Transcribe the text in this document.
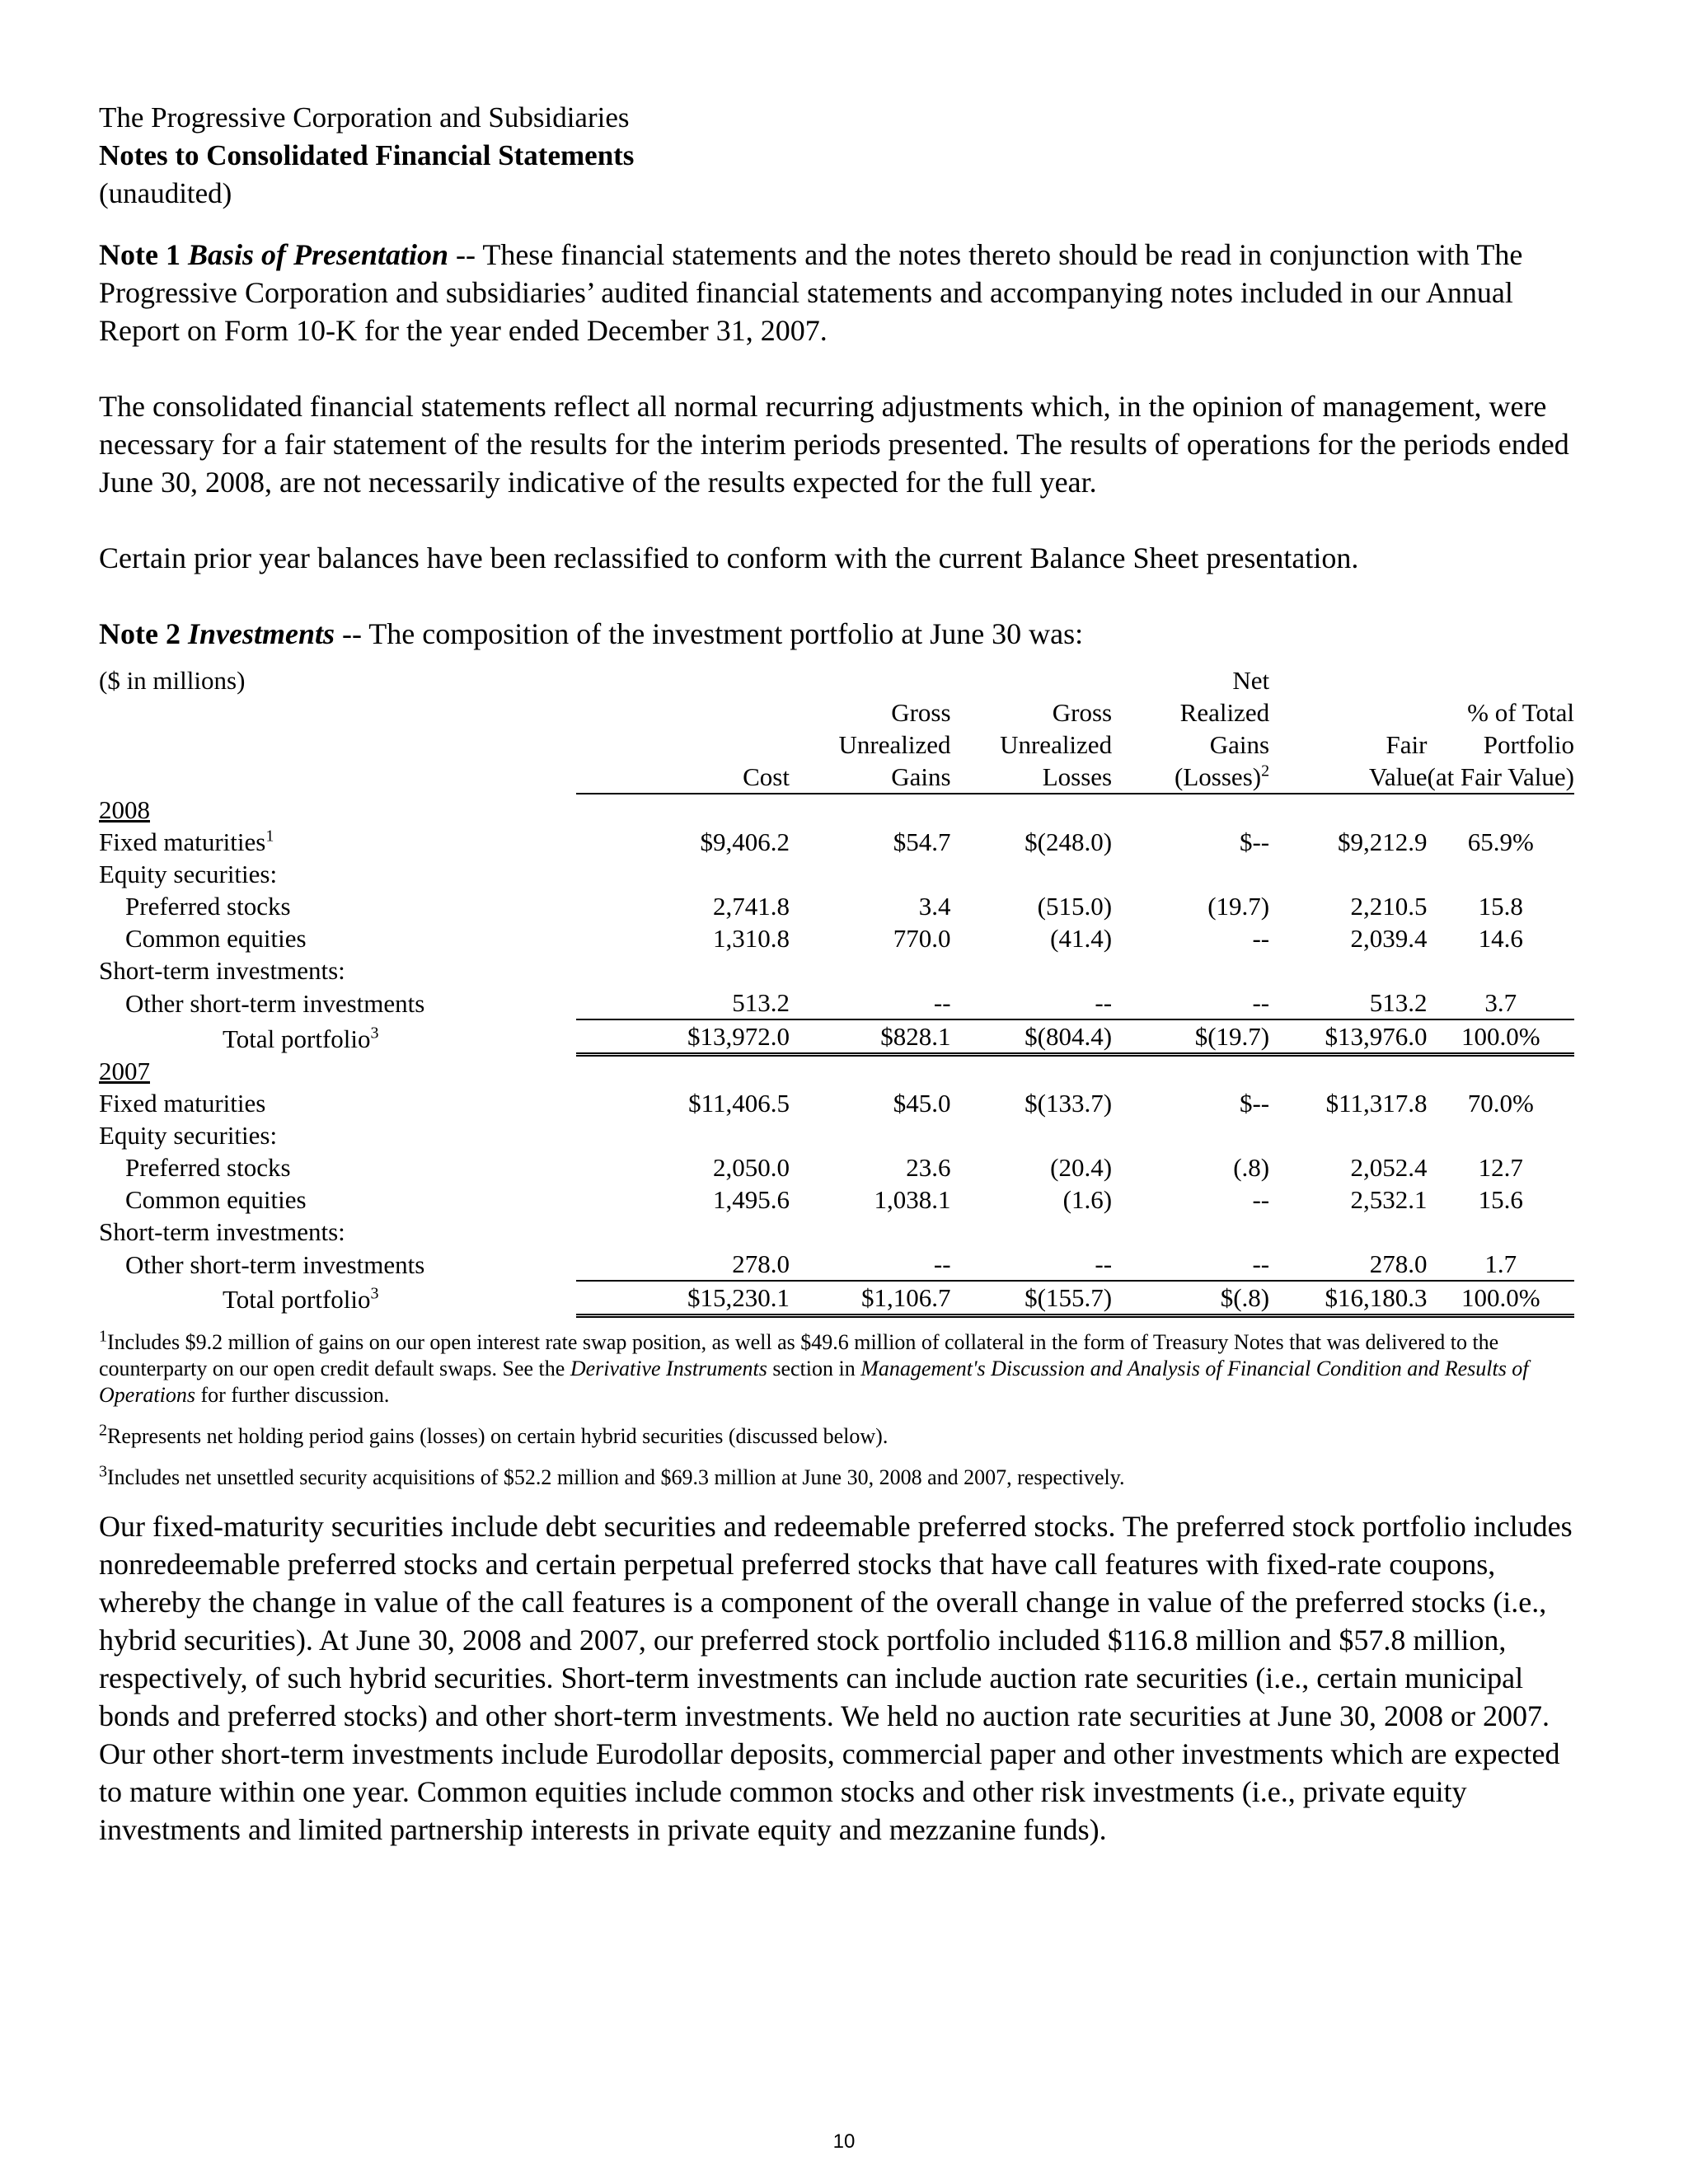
The Progressive Corporation and Subsidiaries
Notes to Consolidated Financial Statements
(unaudited)

Note 1 Basis of Presentation -- These financial statements and the notes thereto should be read in conjunction with The Progressive Corporation and subsidiaries’ audited financial statements and accompanying notes included in our Annual Report on Form 10-K for the year ended December 31, 2007.

The consolidated financial statements reflect all normal recurring adjustments which, in the opinion of management, were necessary for a fair statement of the results for the interim periods presented. The results of operations for the periods ended June 30, 2008, are not necessarily indicative of the results expected for the full year.

Certain prior year balances have been reclassified to conform with the current Balance Sheet presentation.

Note 2 Investments -- The composition of the investment portfolio at June 30 was:

($ in millions)				Net		
		Gross	Gross	Realized		% of Total
		Unrealized	Unrealized	Gains	Fair	Portfolio
	Cost	Gains	Losses	(Losses)$^2$	Value	(at Fair Value)
2008						
Fixed maturities$^1$	$9,406.2	$54.7	$(248.0)	$--	$9,212.9	65.9%
Equity securities:						
Preferred stocks	2,741.8	3.4	(515.0)	(19.7)	2,210.5	15.8
Common equities	1,310.8	770.0	(41.4)	--	2,039.4	14.6
Short-term investments:						
Other short-term investments	513.2	--	--	--	513.2	3.7
Total portfolio$^3$	$13,972.0	$828.1	$(804.4)	$(19.7)	$13,976.0	100.0%
2007						
Fixed maturities	$11,406.5	$45.0	$(133.7)	$--	$11,317.8	70.0%
Equity securities:						
Preferred stocks	2,050.0	23.6	(20.4)	(.8)	2,052.4	12.7
Common equities	1,495.6	1,038.1	(1.6)	--	2,532.1	15.6
Short-term investments:						
Other short-term investments	278.0	--	--	--	278.0	1.7
Total portfolio$^3$	$15,230.1	$1,106.7	$(155.7)	$(.8)	$16,180.3	100.0%

$^1$Includes $9.2 million of gains on our open interest rate swap position, as well as $49.6 million of collateral in the form of Treasury Notes that was delivered to the counterparty on our open credit default swaps. See the Derivative Instruments section in Management's Discussion and Analysis of Financial Condition and Results of Operations for further discussion.

$^2$Represents net holding period gains (losses) on certain hybrid securities (discussed below).

$^3$Includes net unsettled security acquisitions of $52.2 million and $69.3 million at June 30, 2008 and 2007, respectively.

Our fixed-maturity securities include debt securities and redeemable preferred stocks. The preferred stock portfolio includes nonredeemable preferred stocks and certain perpetual preferred stocks that have call features with fixed-rate coupons, whereby the change in value of the call features is a component of the overall change in value of the preferred stocks (i.e., hybrid securities). At June 30, 2008 and 2007, our preferred stock portfolio included $116.8 million and $57.8 million, respectively, of such hybrid securities. Short-term investments can include auction rate securities (i.e., certain municipal bonds and preferred stocks) and other short-term investments. We held no auction rate securities at June 30, 2008 or 2007. Our other short-term investments include Eurodollar deposits, commercial paper and other investments which are expected to mature within one year. Common equities include common stocks and other risk investments (i.e., private equity investments and limited partnership interests in private equity and mezzanine funds).

10
